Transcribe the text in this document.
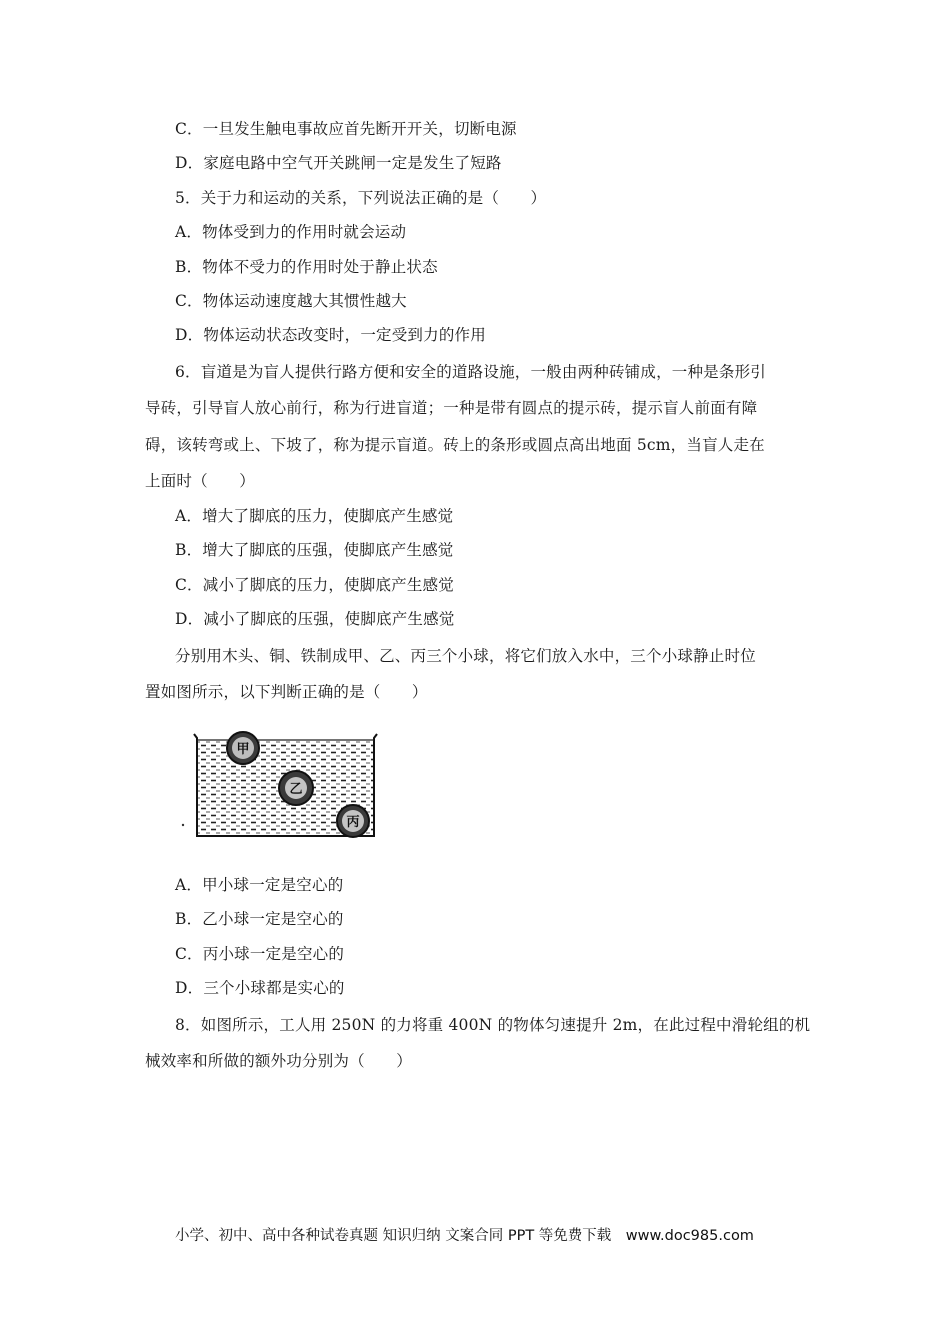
C．一旦发生触电事故应首先断开开关，切断电源
D．家庭电路中空气开关跳闸一定是发生了短路
5．关于力和运动的关系，下列说法正确的是（　　）
A．物体受到力的作用时就会运动
B．物体不受力的作用时处于静止状态
C．物体运动速度越大其惯性越大
D．物体运动状态改变时，一定受到力的作用
6．盲道是为盲人提供行路方便和安全的道路设施，一般由两种砖铺成，一种是条形引
导砖，引导盲人放心前行，称为行进盲道；一种是带有圆点的提示砖，提示盲人前面有障
碍，该转弯或上、下坡了，称为提示盲道。砖上的条形或圆点高出地面 5cm，当盲人走在
上面时（　　）
A．增大了脚底的压力，使脚底产生感觉
B．增大了脚底的压强，使脚底产生感觉
C．减小了脚底的压力，使脚底产生感觉
D．减小了脚底的压强，使脚底产生感觉
分别用木头、铜、铁制成甲、乙、丙三个小球，将它们放入水中，三个小球静止时位
置如图所示，以下判断正确的是（　　）
甲
乙
丙
A．甲小球一定是空心的
B．乙小球一定是空心的
C．丙小球一定是空心的
D．三个小球都是实心的
8．如图所示，工人用 250N 的力将重 400N 的物体匀速提升 2m，在此过程中滑轮组的机
械效率和所做的额外功分别为（　　）
小学、初中、高中各种试卷真题 知识归纳 文案合同 PPT 等免费下载　www.doc985.com
